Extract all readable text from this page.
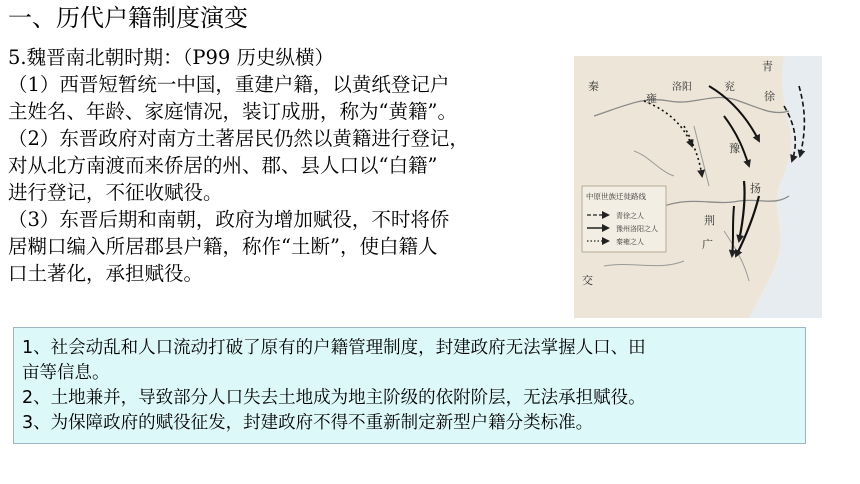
一、历代户籍制度演变
5.魏晋南北朝时期：（P99 历史纵横）
（1）西晋短暂统一中国，重建户籍，以黄纸登记户
主姓名、年龄、家庭情况，装订成册，称为“黄籍”。
（2）东晋政府对南方土著居民仍然以黄籍进行登记，
对从北方南渡而来侨居的州、郡、县人口以“白籍”
进行登记，不征收赋役。
（3）东晋后期和南朝，政府为增加赋役，不时将侨
居糊口编入所居郡县户籍，称作“土断”，使白籍人
口土著化，承担赋役。
秦
雍
洛阳	兖
青
徐
豫
扬
荆
广
交
中原世族迁徙路线
青徐之人
豫州洛阳之人
秦雍之人
1、社会动乱和人口流动打破了原有的户籍管理制度，封建政府无法掌握人口、田
亩等信息。
2、土地兼并，导致部分人口失去土地成为地主阶级的依附阶层，无法承担赋役。
3、为保障政府的赋役征发，封建政府不得不重新制定新型户籍分类标准。
